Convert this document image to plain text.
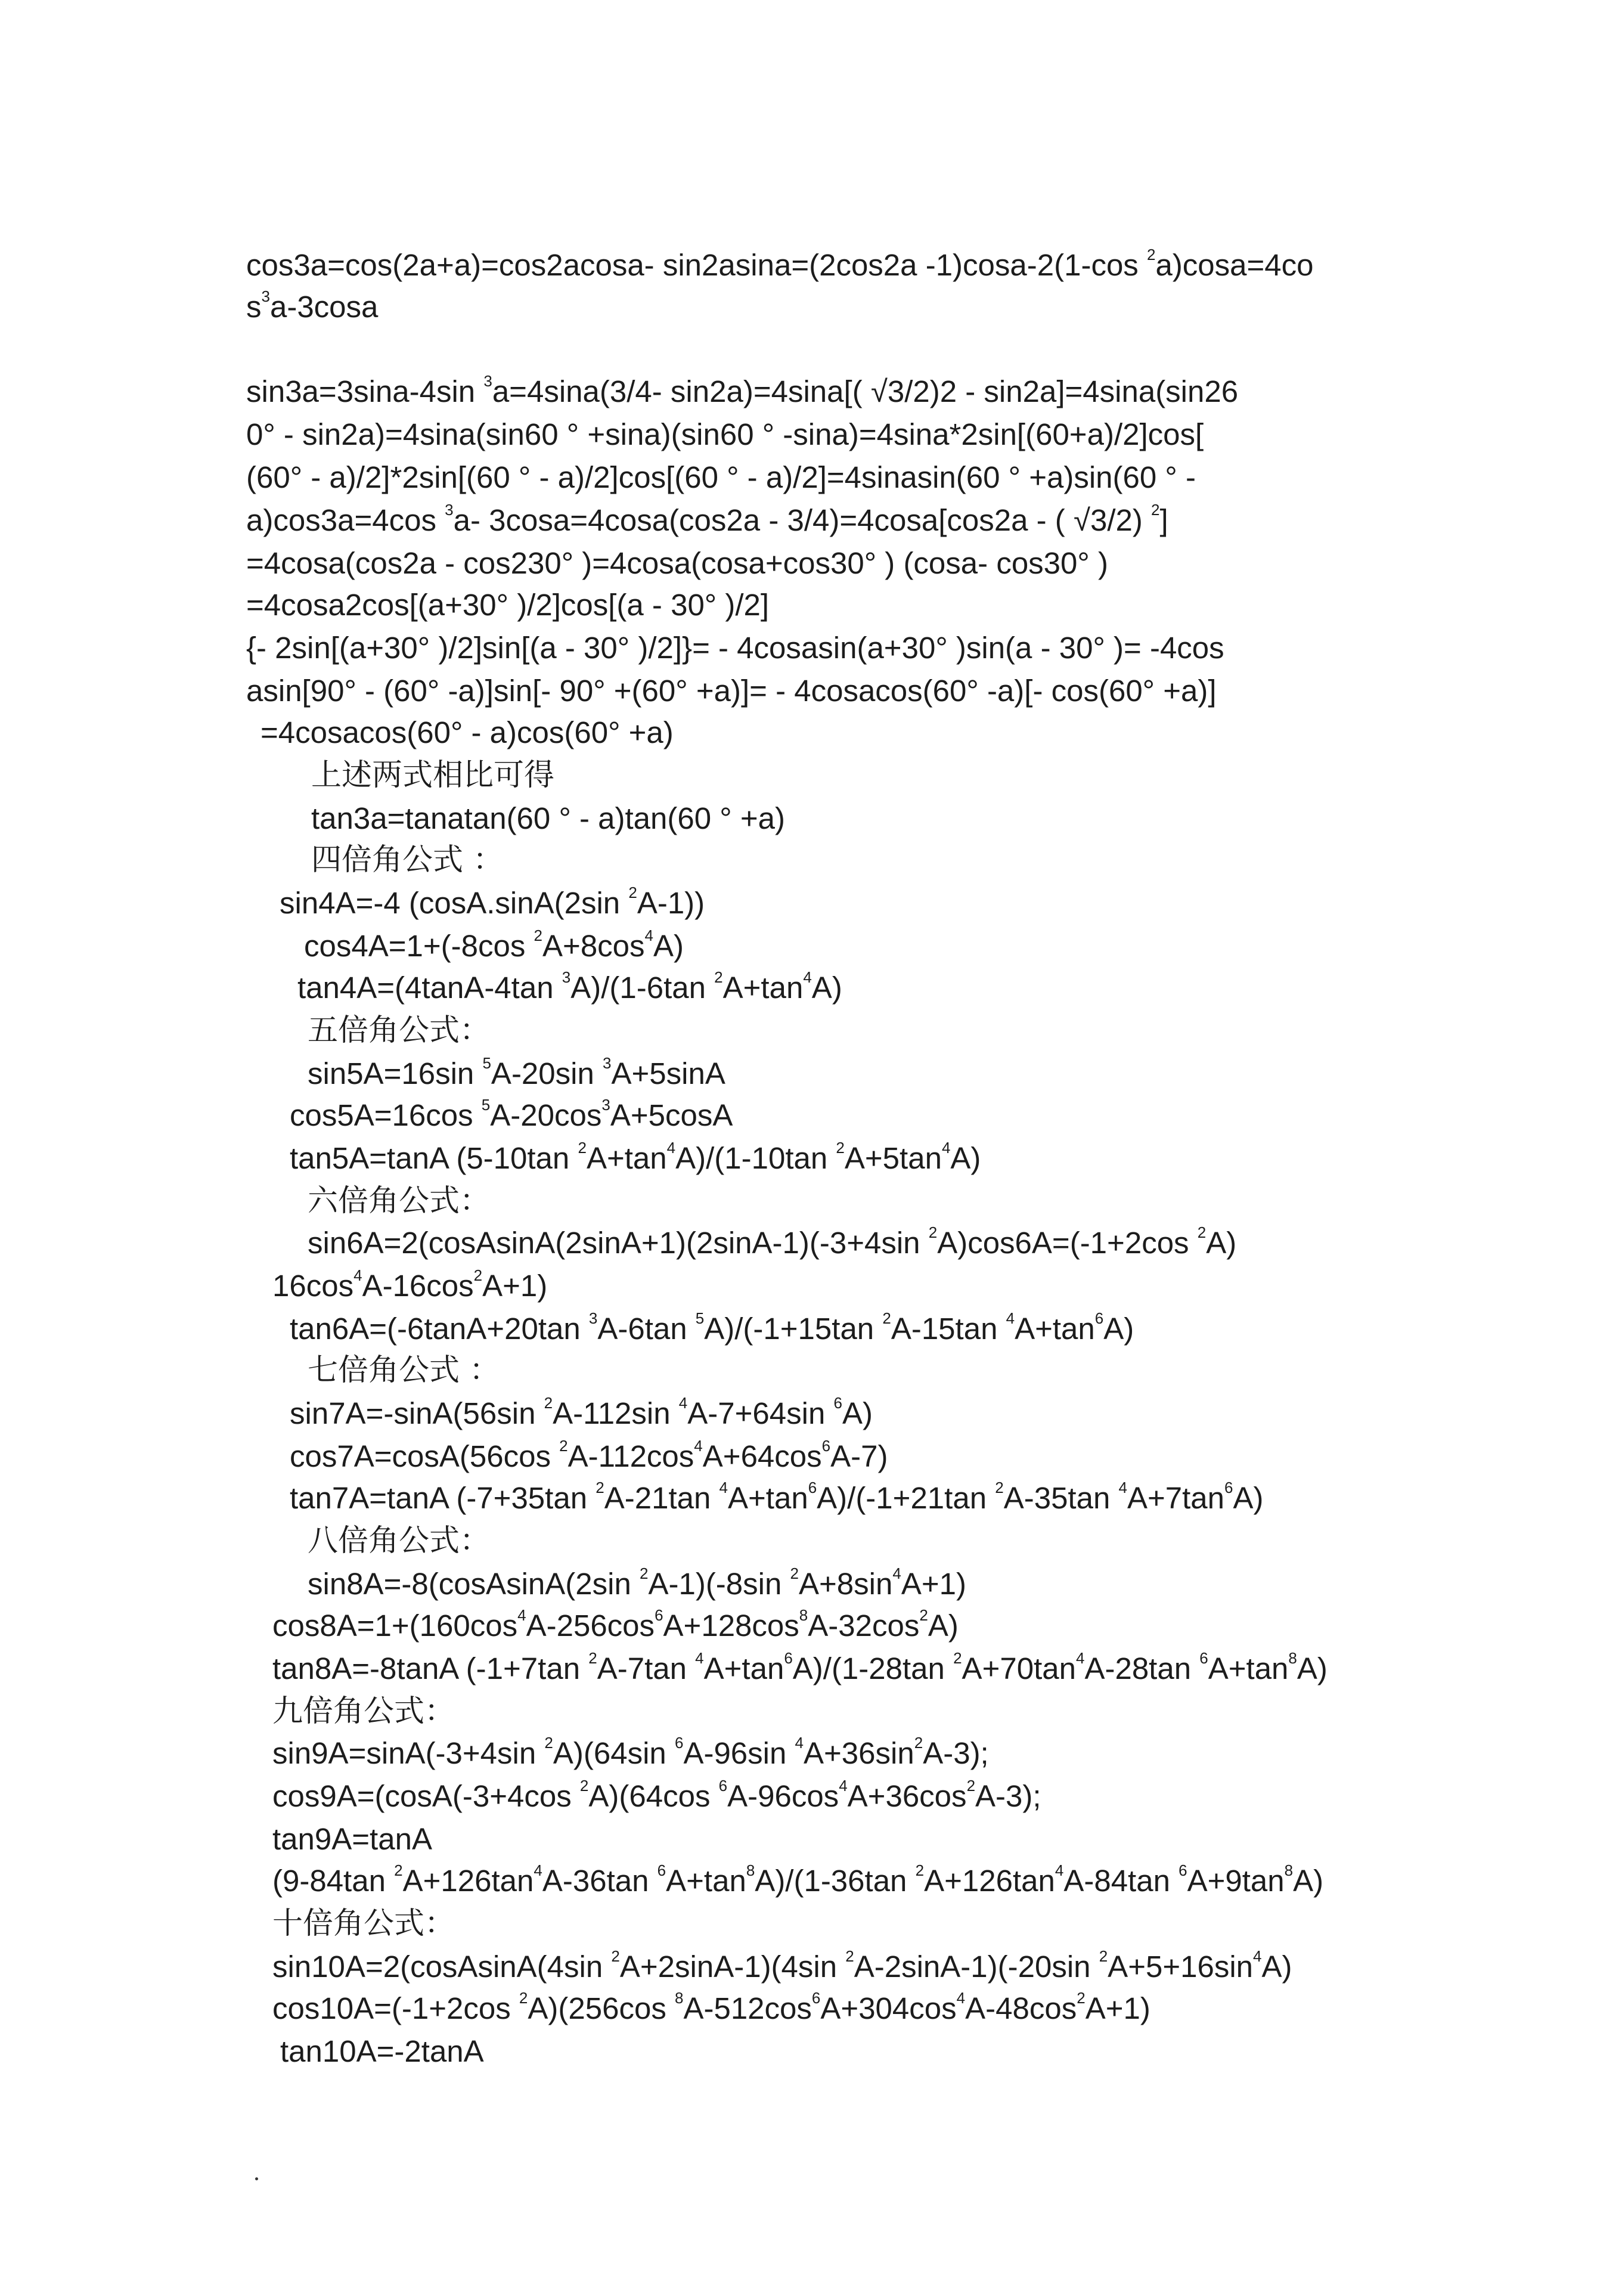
cos3a=cos(2a+a)=cos2acosa- sin2asina=(2cos2a -1)cosa-2(1-cos $^2$a)cosa=4co
$s^3a-3\cos a$
sin3a=3sina-4sin $^3$a=4sina(3/4- sin2a)=4sina[( √3/2)2 - sin2a]=4sina(sin26
0° - sin2a)=4sina(sin60 ° +sina)(sin60 ° -sina)=4sina*2sin[(60+a)/2]cos[
(60° - a)/2]*2sin[(60 ° - a)/2]cos[(60 ° - a)/2]=4sinasin(60 ° +a)sin(60 ° -
a)cos3a=4cos $^3$a- 3cosa=4cosa(cos2a - 3/4)=4cosa[cos2a - ( √3/2) $^2$]
=4cosa(cos2a - cos230° )=4cosa(cosa+cos30° ) (cosa- cos30° )
=4cosa2cos[(a+30° )/2]cos[(a - 30° )/2]
{- 2sin[(a+30° )/2]sin[(a - 30° )/2]}= - 4cosasin(a+30° )sin(a - 30° )= -4cos
asin[90° - (60° -a)]sin[- 90° +(60° +a)]= - 4cosacos(60° -a)[- cos(60° +a)]
=4cosacos(60° - a)cos(60° +a)
上述两式相比可得
tan3a=tanatan(60 ° - a)tan(60 ° +a)
四倍角公式 ：
sin4A=-4 (cosA.sinA(2sin $^2$A-1))
cos4A=1+(-8cos $^2A+8\cos^4A$)
tan4A=(4tanA-4tan $^3$A)/(1-6tan $^2A+\tan^4A$)
五倍角公式：
sin5A=16sin $^5$A-20sin $^3$A+5sinA
cos5A=16cos $^5A-20\cos^3A+5\cos A$
tan5A=tanA (5-10tan $^2A+\tan^4A)/(1-10\tan$ $^2A+5\tan^4A$)
六倍角公式：
sin6A=2(cosAsinA(2sinA+1)(2sinA-1)(-3+4sin $^2$A)cos6A=(-1+2cos $^2$A)
$16\cos^4A-16\cos^2A+1$)
tan6A=(-6tanA+20tan $^3$A-6tan $^5$A)/(-1+15tan $^2$A-15tan $^4A+\tan^6A$)
七倍角公式 ：
sin7A=-sinA(56sin $^2$A-112sin $^4$A-7+64sin $^6$A)
cos7A=cosA(56cos $^2A-112\cos^4A+64\cos^6A-7$)
tan7A=tanA (-7+35tan $^2$A-21tan $^4A+\tan^6A)/(-1+21\tan$ $^2$A-35tan $^4A+7\tan^6A$)
八倍角公式：
sin8A=-8(cosAsinA(2sin $^2$A-1)(-8sin $^2A+8\sin^4A+1$)
$\cos 8A=1+(160\cos^4A-256\cos^6A+128\cos^8A-32\cos^2A)$
tan8A=-8tanA (-1+7tan $^2$A-7tan $^4A+\tan^6A)/(1-28\tan$ $^2A+70\tan^4A-28\tan$ $^6A+\tan^8A$)
九倍角公式：
sin9A=sinA(-3+4sin $^2$A)(64sin $^6$A-96sin $^4A+36\sin^2A-3$);
cos9A=(cosA(-3+4cos $^2$A)(64cos $^6A-96\cos^4A+36\cos^2A-3$);
tan9A=tanA
(9-84tan $^2A+126\tan^4A-36\tan$ $^6A+\tan^8A)/(1-36\tan$ $^2A+126\tan^4A-84\tan$ $^6A+9\tan^8A$)
十倍角公式：
sin10A=2(cosAsinA(4sin $^2$A+2sinA-1)(4sin $^2$A-2sinA-1)(-20sin $^2A+5+16\sin^4A$)
cos10A=(-1+2cos $^2$A)(256cos $^8A-512\cos^6A+304\cos^4A-48\cos^2A+1$)
tan10A=-2tanA
